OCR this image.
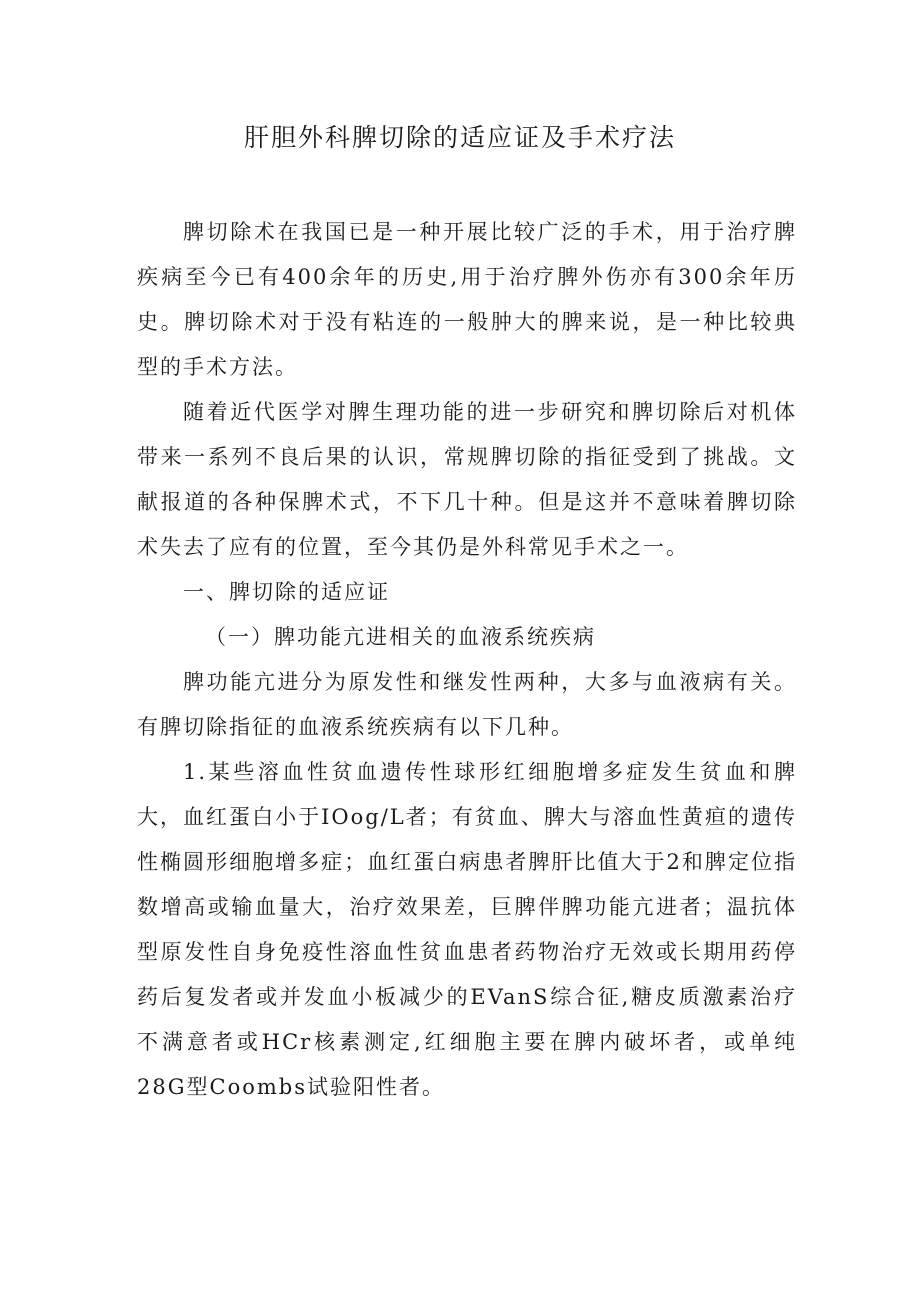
肝胆外科脾切除的适应证及手术疗法

脾切除术在我国已是一种开展比较广泛的手术，用于治疗脾疾病至今已有400余年的历史,用于治疗脾外伤亦有300余年历史。脾切除术对于没有粘连的一般肿大的脾来说，是一种比较典型的手术方法。

随着近代医学对脾生理功能的进一步研究和脾切除后对机体带来一系列不良后果的认识，常规脾切除的指征受到了挑战。文献报道的各种保脾术式，不下几十种。但是这并不意味着脾切除术失去了应有的位置，至今其仍是外科常见手术之一。

一、脾切除的适应证

（一）脾功能亢进相关的血液系统疾病

脾功能亢进分为原发性和继发性两种，大多与血液病有关。有脾切除指征的血液系统疾病有以下几种。

1.某些溶血性贫血遗传性球形红细胞增多症发生贫血和脾大，血红蛋白小于IOog/L者；有贫血、脾大与溶血性黄疸的遗传性椭圆形细胞增多症；血红蛋白病患者脾肝比值大于2和脾定位指数增高或输血量大，治疗效果差，巨脾伴脾功能亢进者；温抗体型原发性自身免疫性溶血性贫血患者药物治疗无效或长期用药停药后复发者或并发血小板减少的EVanS综合征,糖皮质激素治疗不满意者或HCr核素测定,红细胞主要在脾内破坏者，或单纯28G型Coombs试验阳性者。
